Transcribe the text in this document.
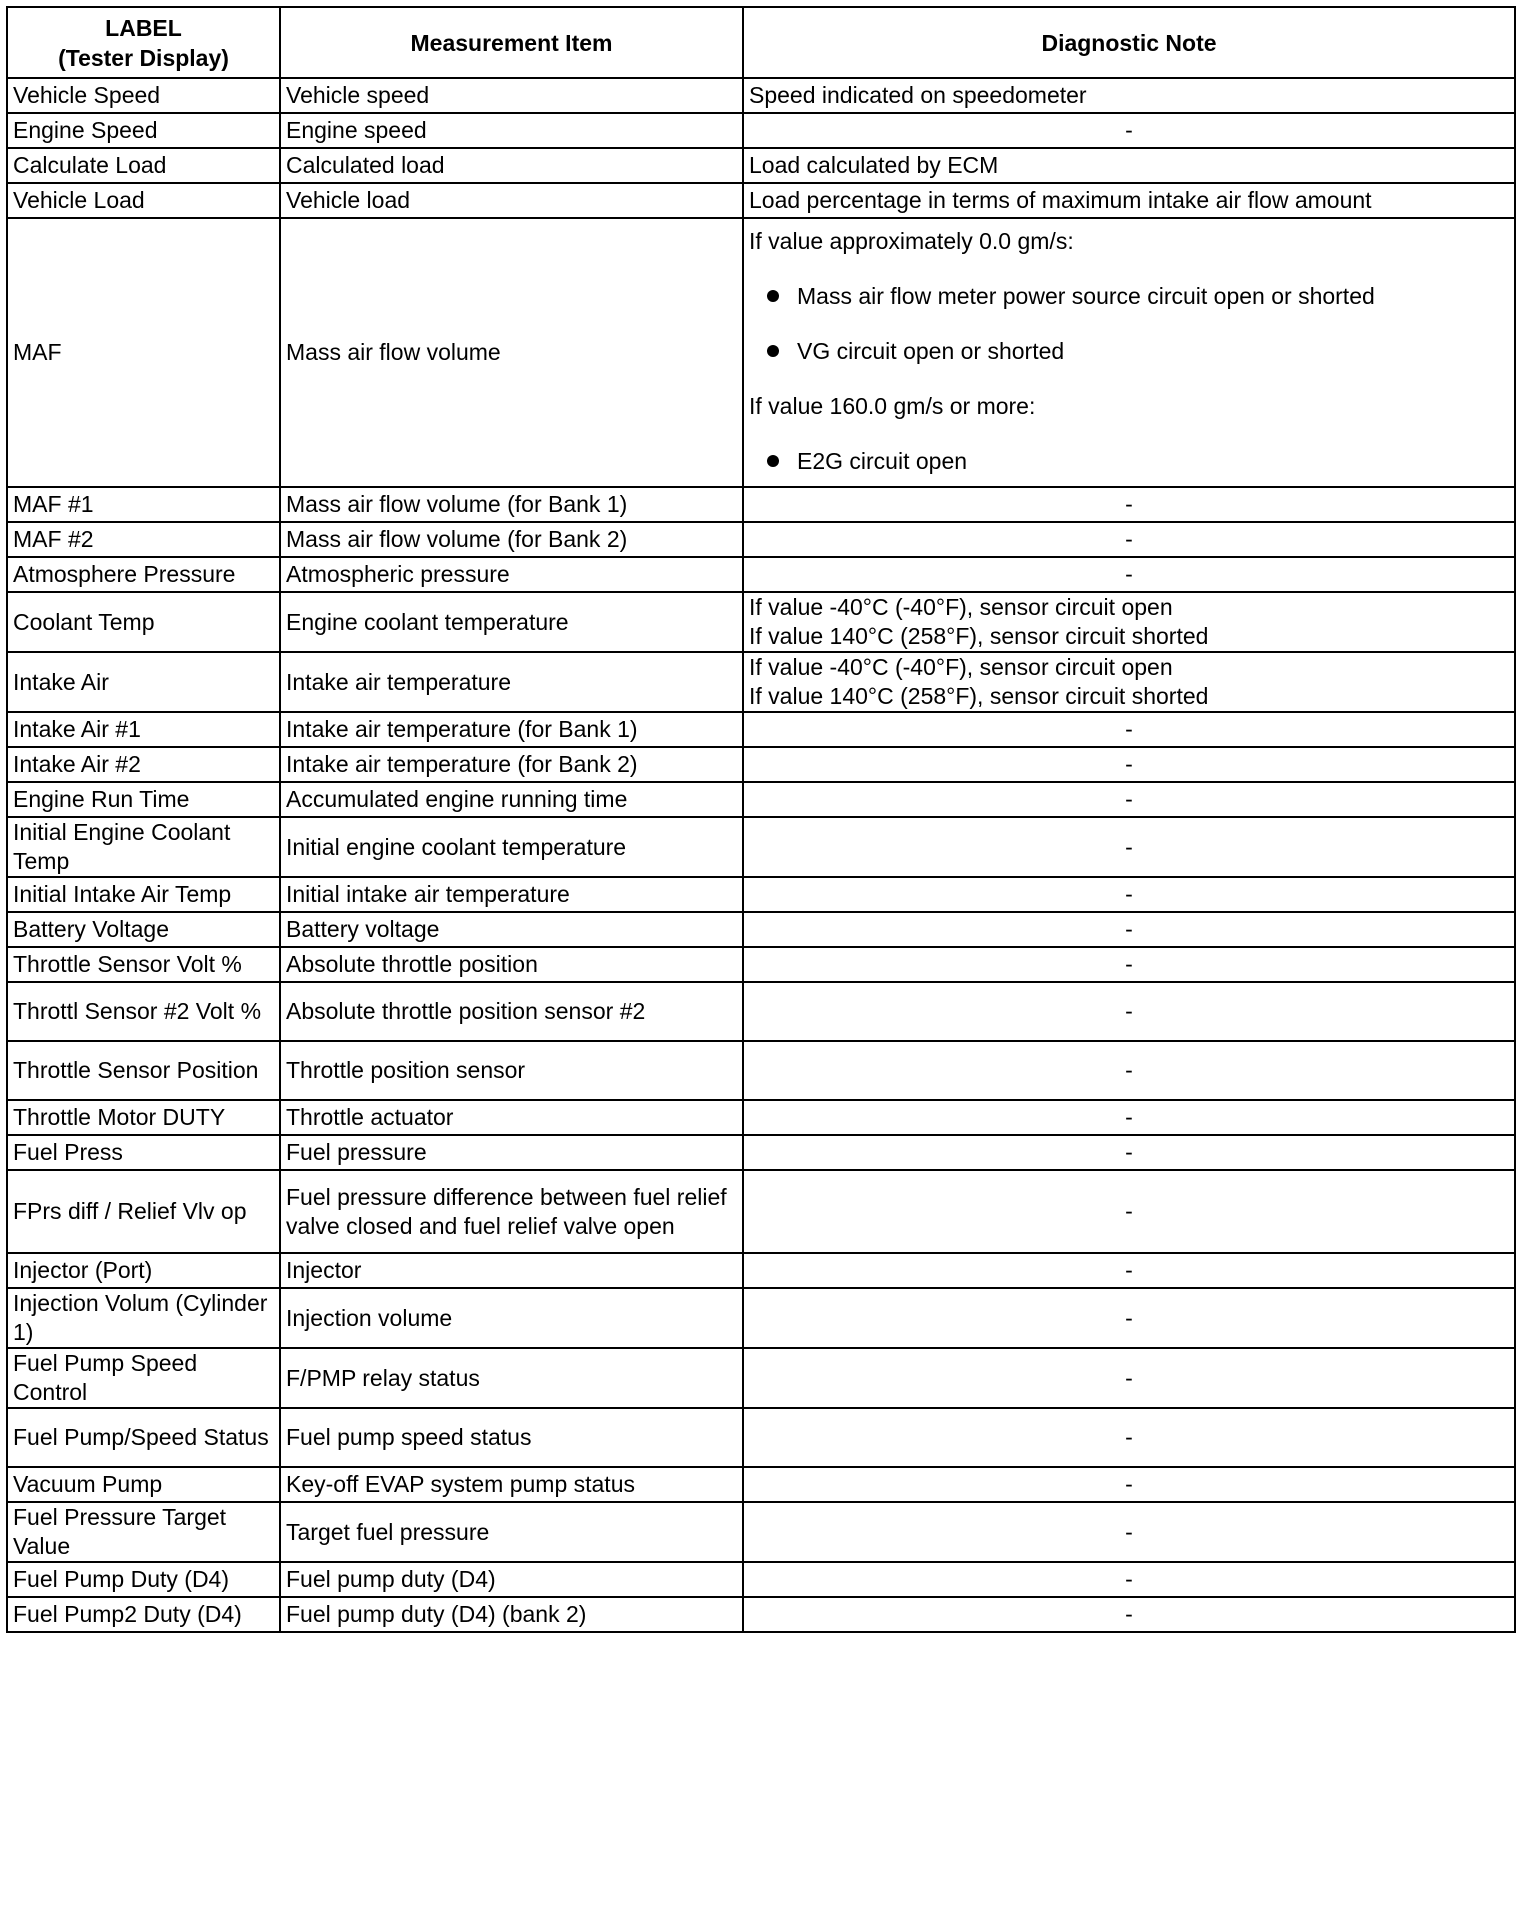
LABEL
(Tester Display)	Measurement Item	Diagnostic Note
Vehicle Speed	Vehicle speed	Speed indicated on speedometer
Engine Speed	Engine speed	-
Calculate Load	Calculated load	Load calculated by ECM
Vehicle Load	Vehicle load	Load percentage in terms of maximum intake air flow amount
MAF	Mass air flow volume	If value approximately 0.0 gm/s:
Mass air flow meter power source circuit open or shorted
VG circuit open or shorted
If value 160.0 gm/s or more:
E2G circuit open

MAF #1	Mass air flow volume (for Bank 1)	-
MAF #2	Mass air flow volume (for Bank 2)	-
Atmosphere Pressure	Atmospheric pressure	-
Coolant Temp	Engine coolant temperature	If value -40°C (-40°F), sensor circuit open
If value 140°C (258°F), sensor circuit shorted

Intake Air	Intake air temperature	If value -40°C (-40°F), sensor circuit open
If value 140°C (258°F), sensor circuit shorted

Intake Air #1	Intake air temperature (for Bank 1)	-
Intake Air #2	Intake air temperature (for Bank 2)	-
Engine Run Time	Accumulated engine running time	-
Initial Engine Coolant Temp	Initial engine coolant temperature	-
Initial Intake Air Temp	Initial intake air temperature	-
Battery Voltage	Battery voltage	-
Throttle Sensor Volt %	Absolute throttle position	-
Throttl Sensor #2 Volt %	Absolute throttle position sensor #2	-
Throttle Sensor Position	Throttle position sensor	-
Throttle Motor DUTY	Throttle actuator	-
Fuel Press	Fuel pressure	-
FPrs diff / Relief Vlv op	Fuel pressure difference between fuel relief valve closed and fuel relief valve open	-
Injector (Port)	Injector	-
Injection Volum (Cylinder 1)	Injection volume	-
Fuel Pump Speed Control	F/PMP relay status	-
Fuel Pump/Speed Status	Fuel pump speed status	-
Vacuum Pump	Key-off EVAP system pump status	-
Fuel Pressure Target Value	Target fuel pressure	-
Fuel Pump Duty (D4)	Fuel pump duty (D4)	-
Fuel Pump2 Duty (D4)	Fuel pump duty (D4) (bank 2)	-
